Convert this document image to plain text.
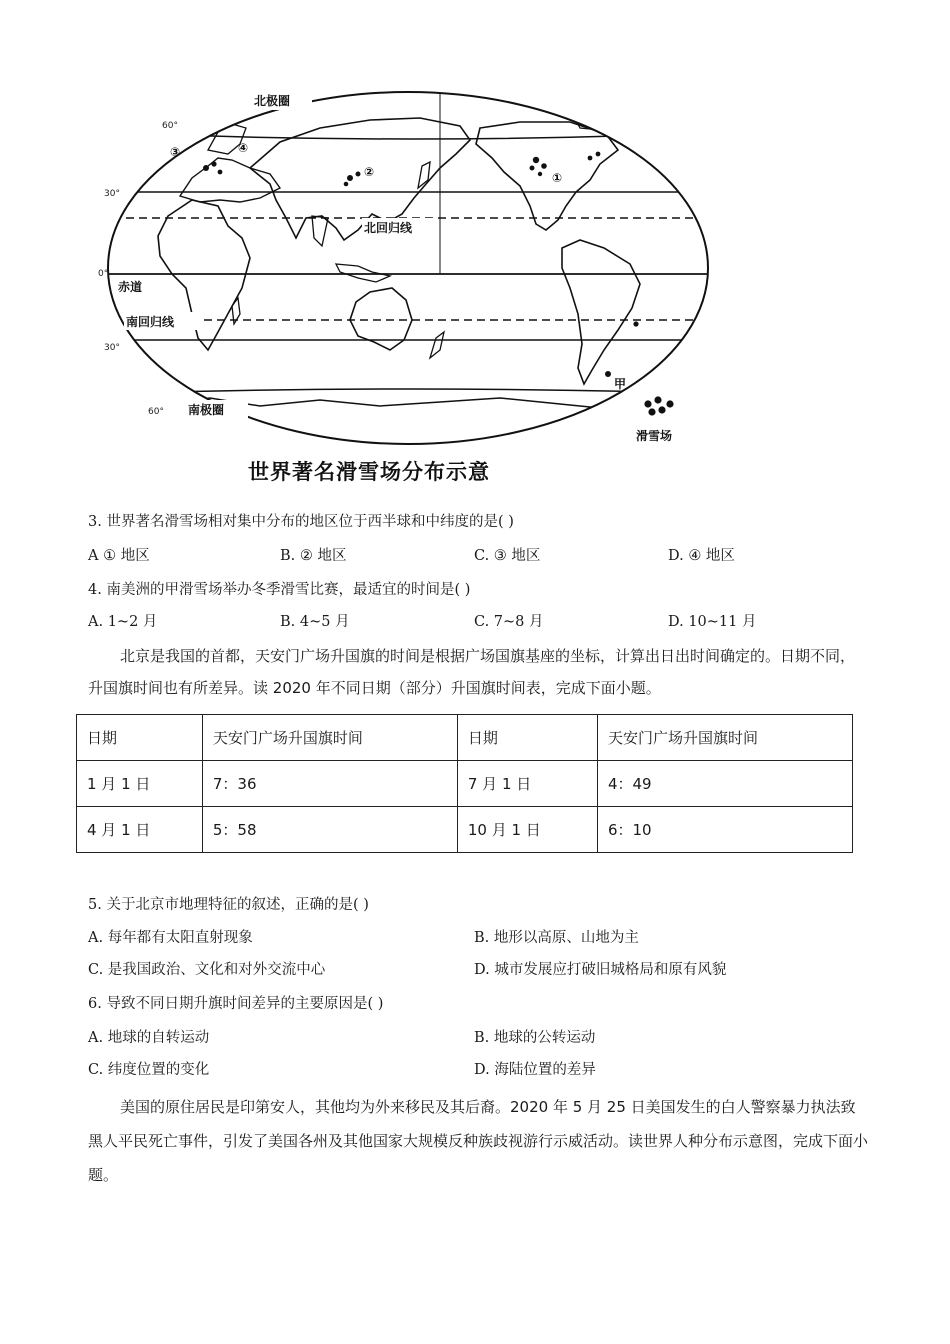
北极圈
③	④
②	①
北回归线
赤道
南回归线
南极圈
甲
滑雪场
60°
30°
0°
30°
60°
世界著名滑雪场分布示意
3. 世界著名滑雪场相对集中分布的地区位于西半球和中纬度的是( )
A ① 地区	B. ② 地区	C. ③ 地区	D. ④ 地区
4. 南美洲的甲滑雪场举办冬季滑雪比赛，最适宜的时间是( )
A. 1~2 月	B. 4~5 月	C. 7~8 月	D. 10~11 月
北京是我国的首都，天安门广场升国旗的时间是根据广场国旗基座的坐标，计算出日出时间确定的。日期不同，升国旗时间也有所差异。读 2020 年不同日期（部分）升国旗时间表，完成下面小题。
日期	天安门广场升国旗时间	日期	天安门广场升国旗时间
1 月 1 日	7：36	7 月 1 日	4：49
4 月 1 日	5：58	10 月 1 日	6：10
5. 关于北京市地理特征的叙述，正确的是( )
A. 每年都有太阳直射现象	B. 地形以高原、山地为主
C. 是我国政治、文化和对外交流中心	D. 城市发展应打破旧城格局和原有风貌
6. 导致不同日期升旗时间差异的主要原因是( )
A. 地球的自转运动	B. 地球的公转运动
C. 纬度位置的变化	D. 海陆位置的差异
美国的原住居民是印第安人，其他均为外来移民及其后裔。2020 年 5 月 25 日美国发生的白人警察暴力执法致黑人平民死亡事件，引发了美国各州及其他国家大规模反种族歧视游行示威活动。读世界人种分布示意图，完成下面小题。
